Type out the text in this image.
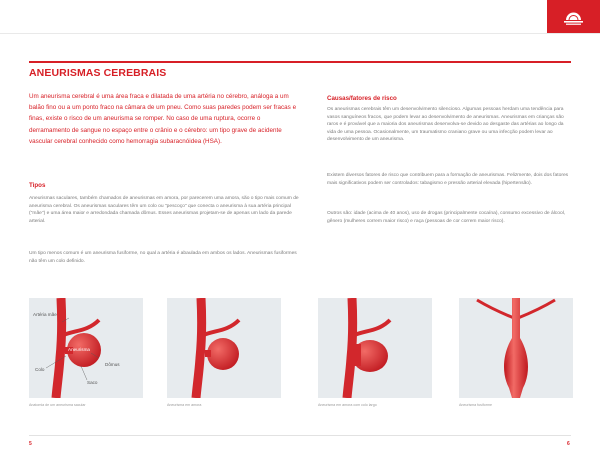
ANEURISMAS CEREBRAIS

Um aneurisma cerebral é uma área fraca e dilatada de uma artéria no cérebro, análoga a um balão fino ou a um ponto fraco na câmara de um pneu. Como suas paredes podem ser fracas e finas, existe o risco de um aneurisma se romper. No caso de uma ruptura, ocorre o derramamento de sangue no espaço entre o crânio e o cérebro: um tipo grave de acidente vascular cerebral conhecido como hemorragia subaracnóidea (HSA).

Tipos

Aneurismas saculares, também chamados de aneurismas em amora, por parecerem uma amora, são o tipo mais comum de aneurisma cerebral. Os aneurismas saculares têm um colo ou "pescoço" que conecta o aneurisma à sua artéria principal ("mãe") e uma área maior e arredondada chamada dômus. Esses aneurismas projetam-se de apenas um lado da parede arterial.

Um tipo menos comum é um aneurisma fusiforme, no qual a artéria é abaulada em ambos os lados. Aneurismas fusiformes não têm um colo definido.

Causas/fatores de risco

Os aneurismas cerebrais têm um desenvolvimento silencioso. Algumas pessoas herdam uma tendência para vasos sanguíneos fracos, que podem levar ao desenvolvimento de aneurismas. Aneurismas em crianças são raros e é provável que a maioria dos aneurismas desenvolva-se devido ao desgaste das artérias ao longo da vida de uma pessoa. Ocasionalmente, um traumatismo craniano grave ou uma infecção podem levar ao desenvolvimento de um aneurisma.

Existem diversos fatores de risco que contribuem para a formação de aneurismas. Felizmente, dois dos fatores mais significativos podem ser controlados: tabagismo e pressão arterial elevada (hipertensão).

Outros são: idade (acima de 40 anos), uso de drogas (principalmente cocaína), consumo excessivo de álcool, gênero (mulheres correm maior risco) e raça (pessoas de cor correm maior risco).

Artéria mãe
Aneurisma
Dômus
Colo
Saco

Anatomia de um aneurisma sacular	Aneurisma em amora	Aneurisma em amora com colo largo	Aneurisma fusiforme

5	6
